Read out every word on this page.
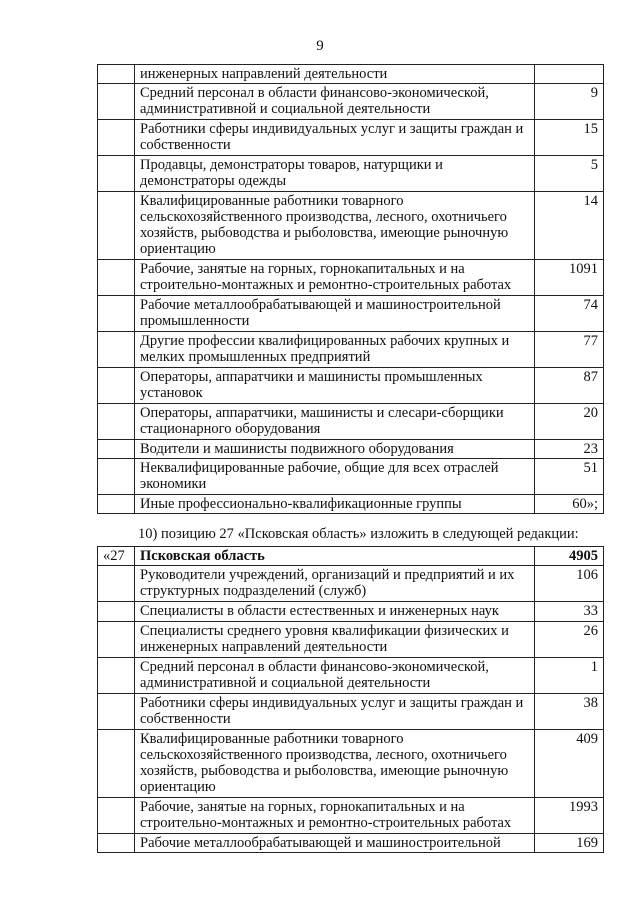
9
	инженерных направлений деятельности	
	Средний персонал в области финансово-экономической, административной и социальной деятельности	9
	Работники сферы индивидуальных услуг и защиты граждан и собственности	15
	Продавцы, демонстраторы товаров, натурщики и демонстраторы одежды	5
	Квалифицированные работники товарного сельскохозяйственного производства, лесного, охотничьего хозяйств, рыбоводства и рыболовства, имеющие рыночную ориентацию	14
	Рабочие, занятые на горных, горнокапитальных и на строительно-монтажных и ремонтно-строительных работах	1091
	Рабочие металлообрабатывающей и машиностроительной промышленности	74
	Другие профессии квалифицированных рабочих крупных и мелких промышленных предприятий	77
	Операторы, аппаратчики и машинисты промышленных установок	87
	Операторы, аппаратчики, машинисты и слесари-сборщики стационарного оборудования	20
	Водители и машинисты подвижного оборудования	23
	Неквалифицированные рабочие, общие для всех отраслей экономики	51
	Иные профессионально-квалификационные группы	60»;
10) позицию 27 «Псковская область» изложить в следующей редакции:
«27	Псковская область	4905
	Руководители учреждений, организаций и предприятий и их структурных подразделений (служб)	106
	Специалисты в области естественных и инженерных наук	33
	Специалисты среднего уровня квалификации физических и инженерных направлений деятельности	26
	Средний персонал в области финансово-экономической, административной и социальной деятельности	1
	Работники сферы индивидуальных услуг и защиты граждан и собственности	38
	Квалифицированные работники товарного сельскохозяйственного производства, лесного, охотничьего хозяйств, рыбоводства и рыболовства, имеющие рыночную ориентацию	409
	Рабочие, занятые на горных, горнокапитальных и на строительно-монтажных и ремонтно-строительных работах	1993
	Рабочие металлообрабатывающей и машиностроительной	169
